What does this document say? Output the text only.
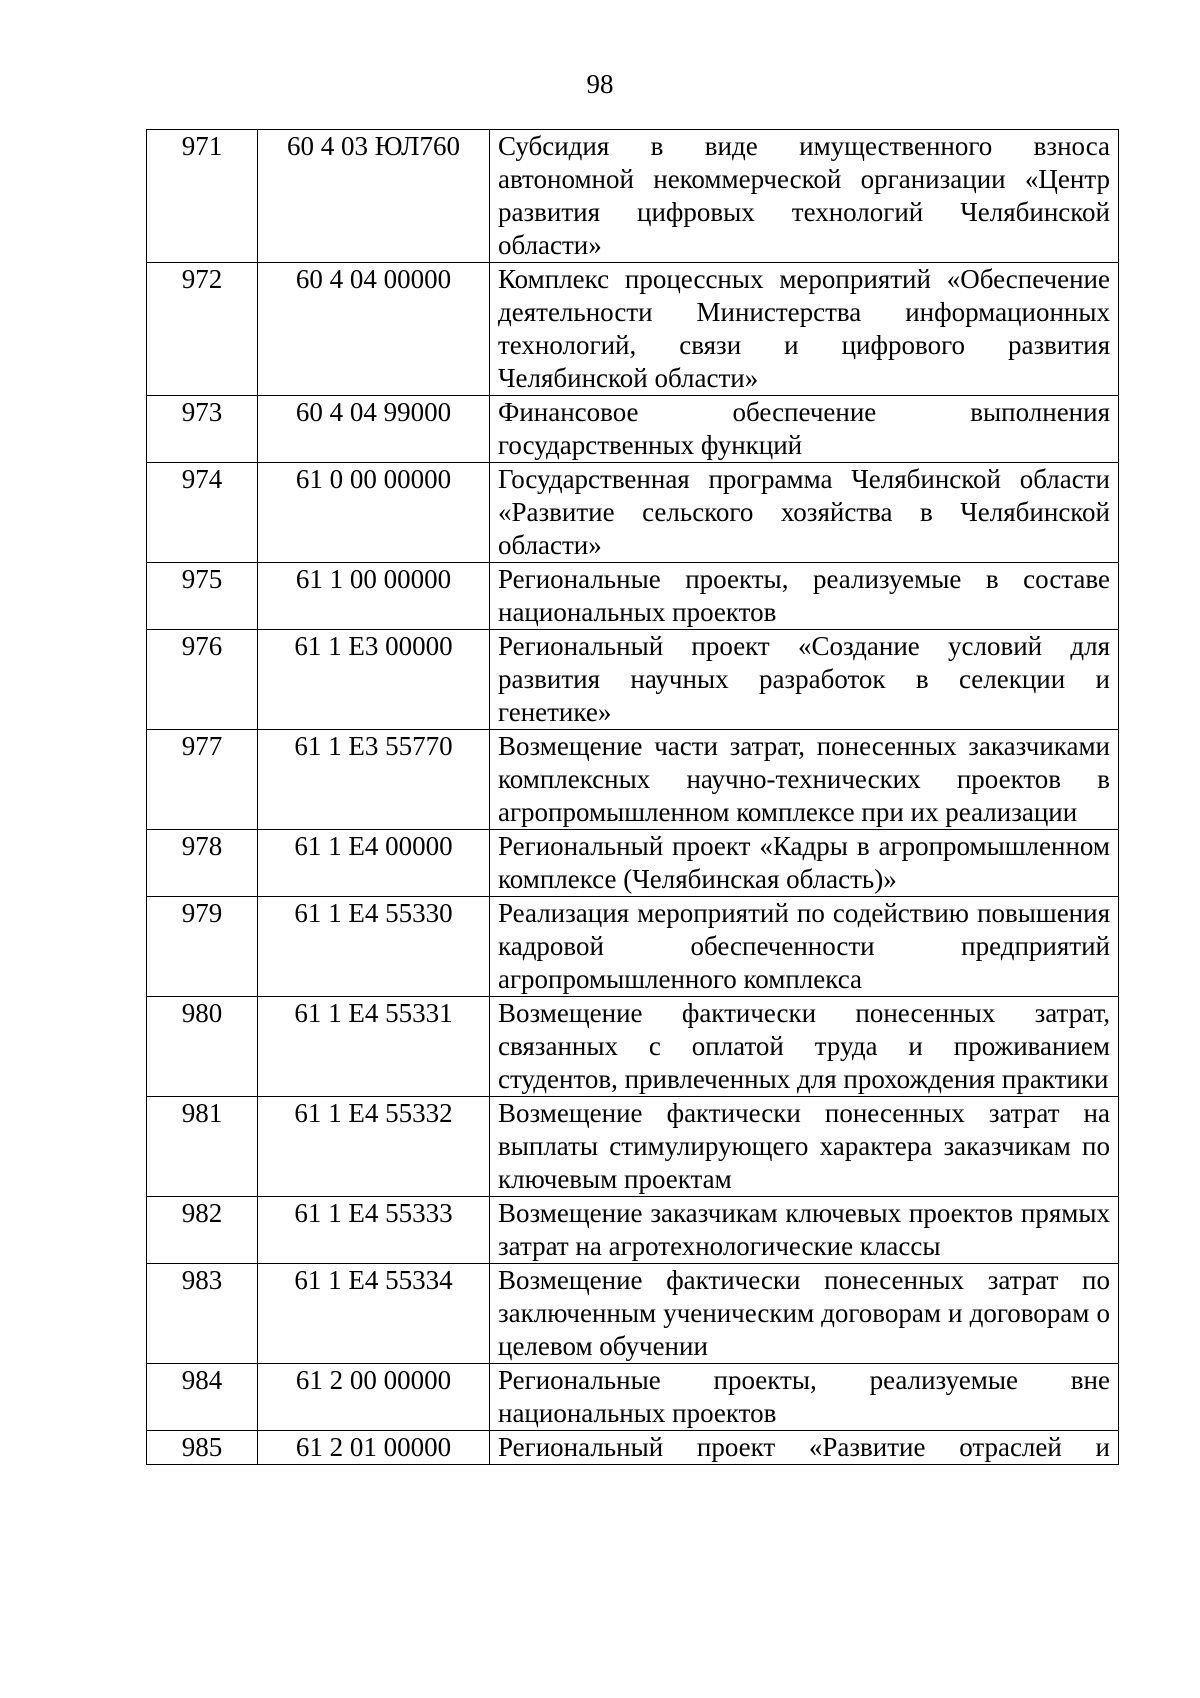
98
971	60 4 03 ЮЛ760	Субсидия в виде имущественного взноса автономной некоммерческой организации «Центр развития цифровых технологий Челябинской области»
972	60 4 04 00000	Комплекс процессных мероприятий «Обеспечение деятельности Министерства информационных технологий, связи и цифрового развития Челябинской области»
973	60 4 04 99000	Финансовое обеспечение выполнения государственных функций
974	61 0 00 00000	Государственная программа Челябинской области «Развитие сельского хозяйства в Челябинской области»
975	61 1 00 00000	Региональные проекты, реализуемые в составе национальных проектов
976	61 1 E3 00000	Региональный проект «Создание условий для развития научных разработок в селекции и генетике»
977	61 1 E3 55770	Возмещение части затрат, понесенных заказчиками комплексных научно-технических проектов в агропромышленном комплексе при их реализации
978	61 1 E4 00000	Региональный проект «Кадры в агропромышленном комплексе (Челябинская область)»
979	61 1 E4 55330	Реализация мероприятий по содействию повышения кадровой обеспеченности предприятий агропромышленного комплекса
980	61 1 E4 55331	Возмещение фактически понесенных затрат, связанных с оплатой труда и проживанием студентов, привлеченных для прохождения практики
981	61 1 E4 55332	Возмещение фактически понесенных затрат на выплаты стимулирующего характера заказчикам по ключевым проектам
982	61 1 E4 55333	Возмещение заказчикам ключевых проектов прямых затрат на агротехнологические классы
983	61 1 E4 55334	Возмещение фактически понесенных затрат по заключенным ученическим договорам и договорам о целевом обучении
984	61 2 00 00000	Региональные проекты, реализуемые вне национальных проектов
985	61 2 01 00000	Региональный проект «Развитие отраслей и
